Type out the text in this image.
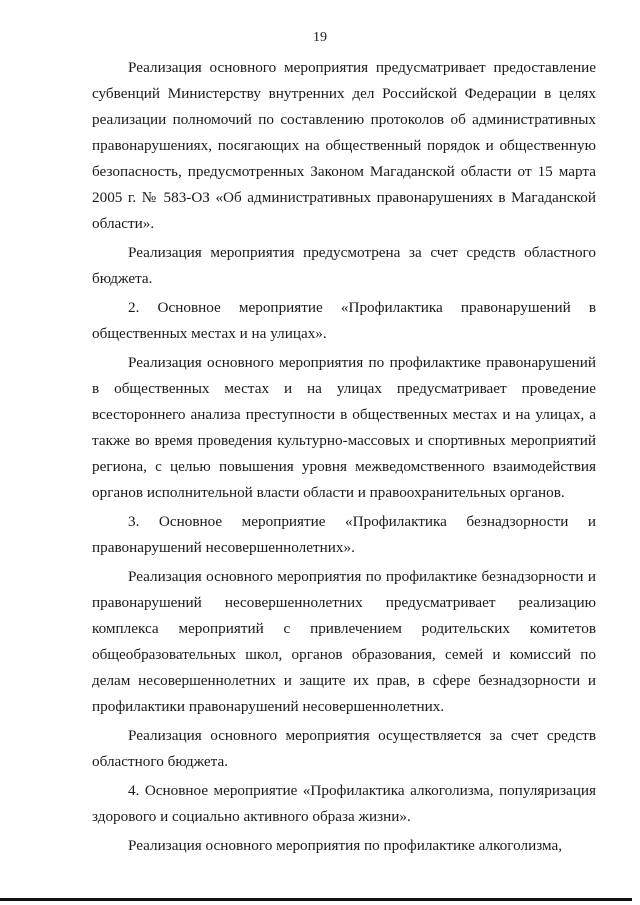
19

Реализация основного мероприятия предусматривает предоставление субвенций Министерству внутренних дел Российской Федерации в целях реализации полномочий по составлению протоколов об административных правонарушениях, посягающих на общественный порядок и общественную безопасность, предусмотренных Законом Магаданской области от 15 марта 2005 г. № 583-ОЗ «Об административных правонарушениях в Магаданской области».

Реализация мероприятия предусмотрена за счет средств областного бюджета.

2. Основное мероприятие «Профилактика правонарушений в общественных местах и на улицах».

Реализация основного мероприятия по профилактике правонарушений в общественных местах и на улицах предусматривает проведение всестороннего анализа преступности в общественных местах и на улицах, а также во время проведения культурно-массовых и спортивных мероприятий региона, с целью повышения уровня межведомственного взаимодействия органов исполнительной власти области и правоохранительных органов.

3. Основное мероприятие «Профилактика безнадзорности и правонарушений несовершеннолетних».

Реализация основного мероприятия по профилактике безнадзорности и правонарушений несовершеннолетних предусматривает реализацию комплекса мероприятий с привлечением родительских комитетов общеобразовательных школ, органов образования, семей и комиссий по делам несовершеннолетних и защите их прав, в сфере безнадзорности и профилактики правонарушений несовершеннолетних.

Реализация основного мероприятия осуществляется за счет средств областного бюджета.

4. Основное мероприятие «Профилактика алкоголизма, популяризация здорового и социально активного образа жизни».

Реализация основного мероприятия по профилактике алкоголизма,
